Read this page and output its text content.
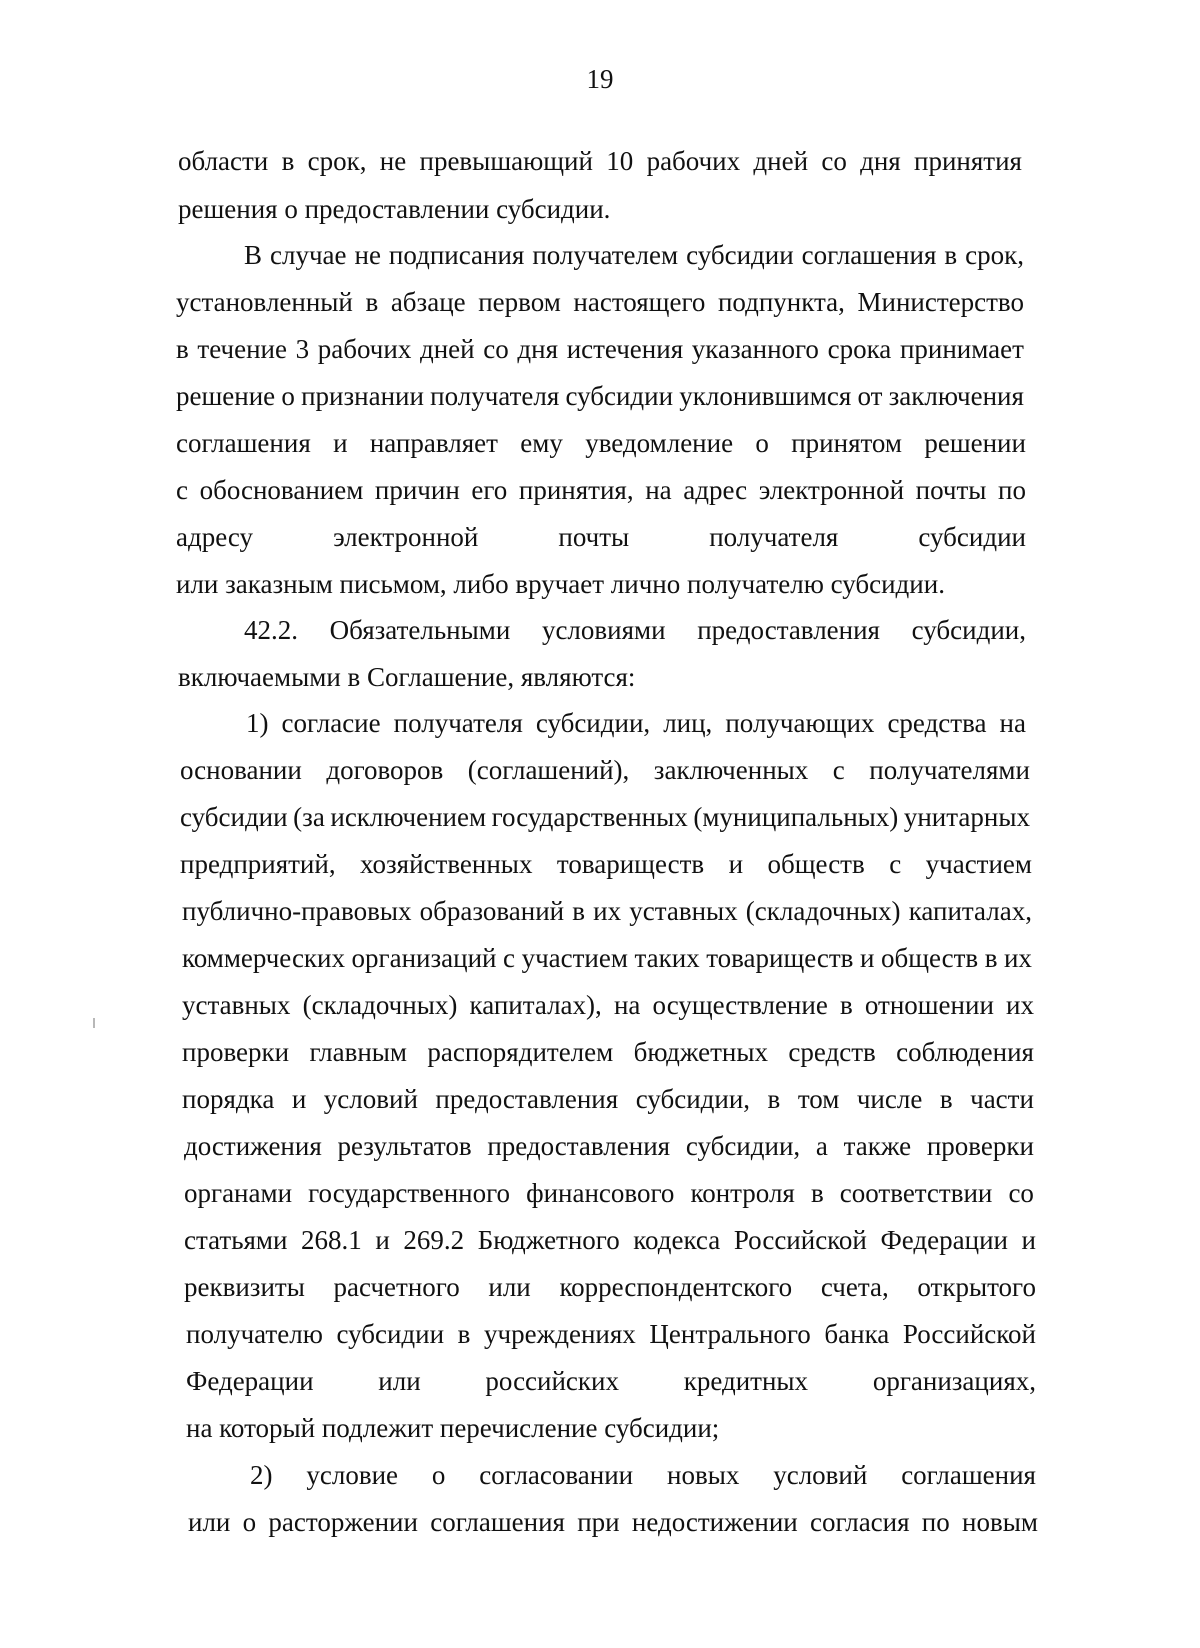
19
области в срок, не превышающий 10 рабочих дней со дня принятия
решения о предоставлении субсидии.
В случае не подписания получателем субсидии соглашения в срок,
установленный в абзаце первом настоящего подпункта, Министерство
в течение 3 рабочих дней со дня истечения указанного срока принимает
решение о признании получателя субсидии уклонившимся от заключения
соглашения и направляет ему уведомление о принятом решении
с обоснованием причин его принятия, на адрес электронной почты по
адресу	электронной	почты	получателя	субсидии
или заказным письмом, либо вручает лично получателю субсидии.
42.2. Обязательными условиями предоставления субсидии,
включаемыми в Соглашение, являются:
1) согласие получателя субсидии, лиц, получающих средства на
основании договоров (соглашений), заключенных с получателями
субсидии (за исключением государственных (муниципальных) унитарных
предприятий, хозяйственных товариществ и обществ с участием
публично-правовых образований в их уставных (складочных) капиталах,
коммерческих организаций с участием таких товариществ и обществ в их
уставных (складочных) капиталах), на осуществление в отношении их
проверки главным распорядителем бюджетных средств соблюдения
порядка и условий предоставления субсидии, в том числе в части
достижения результатов предоставления субсидии, а также проверки
органами государственного финансового контроля в соответствии со
статьями 268.1 и 269.2 Бюджетного кодекса Российской Федерации и
реквизиты расчетного или корреспондентского счета, открытого
получателю субсидии в учреждениях Центрального банка Российской
Федерации или российских кредитных организациях,
на который подлежит перечисление субсидии;
2) условие о согласовании новых условий соглашения
или о расторжении соглашения при недостижении согласия по новым
